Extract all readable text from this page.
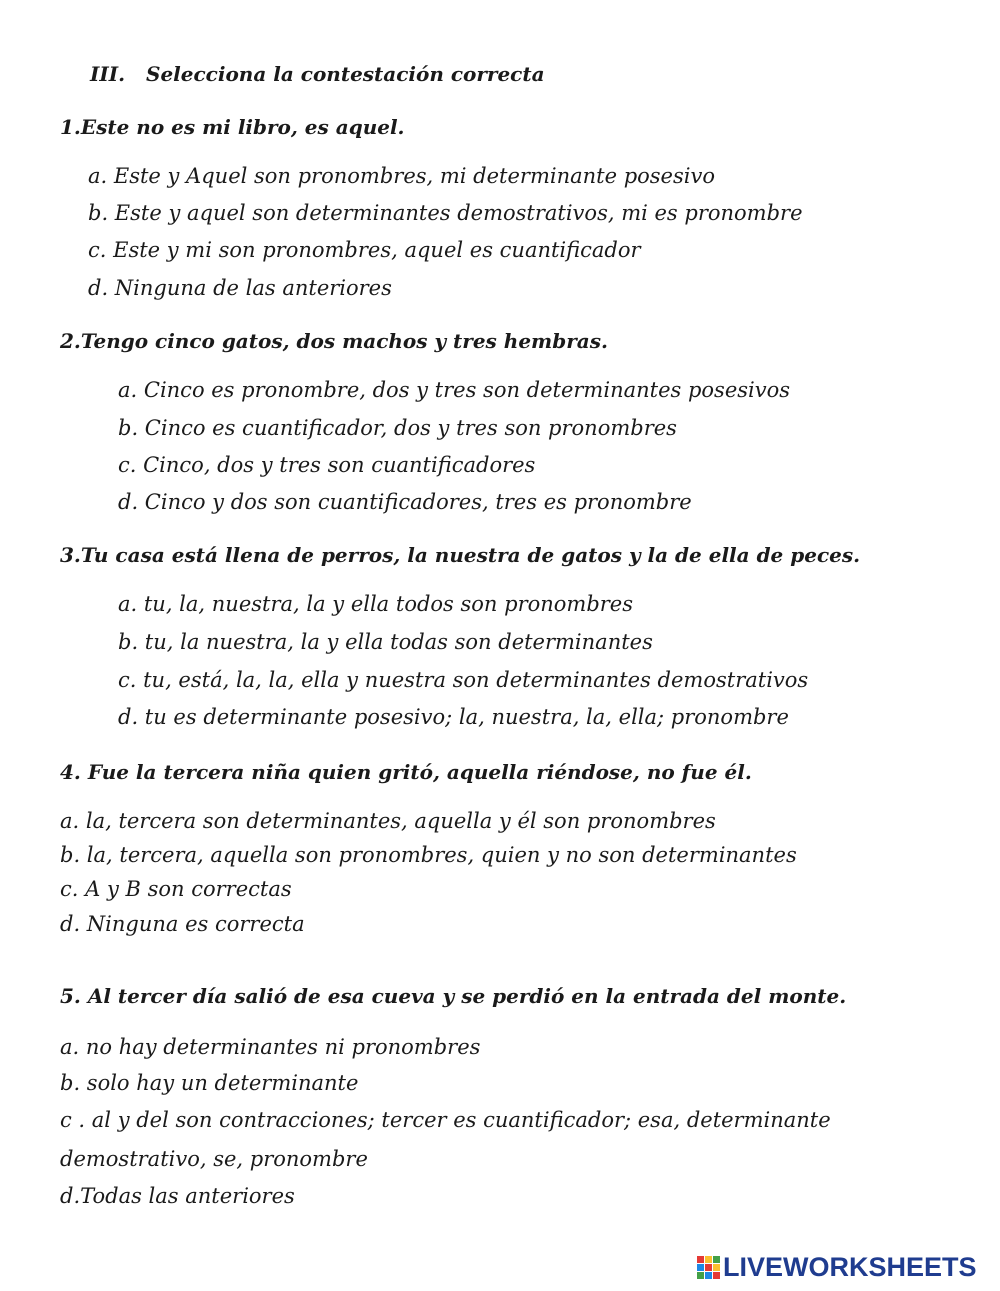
III. Selecciona la contestación correcta
1.Este no es mi libro, es aquel.
a. Este y Aquel son pronombres, mi determinante posesivo
b. Este y aquel son determinantes demostrativos, mi es pronombre
c. Este y mi son pronombres, aquel es cuantificador
d. Ninguna de las anteriores
2.Tengo cinco gatos, dos machos y tres hembras.
a. Cinco es pronombre, dos y tres son determinantes posesivos
b. Cinco es cuantificador, dos y tres son pronombres
c. Cinco, dos y tres son cuantificadores
d. Cinco y dos son cuantificadores, tres es pronombre
3.Tu casa está llena de perros, la nuestra de gatos y la de ella de peces.
a. tu, la, nuestra, la y ella todos son pronombres
b. tu, la nuestra, la y ella todas son determinantes
c. tu, está, la, la, ella y nuestra son determinantes demostrativos
d. tu es determinante posesivo; la, nuestra, la, ella; pronombre
4. Fue la tercera niña quien gritó, aquella riéndose, no fue él.
a. la, tercera son determinantes, aquella y él son pronombres
b. la, tercera, aquella son pronombres, quien y no son determinantes
c. A y B son correctas
d. Ninguna es correcta
5. Al tercer día salió de esa cueva y se perdió en la entrada del monte.
a. no hay determinantes ni pronombres
b. solo hay un determinante
c . al y del son contracciones; tercer es cuantificador; esa, determinante
demostrativo, se, pronombre
d.Todas las anteriores
LIVEWORKSHEETS
